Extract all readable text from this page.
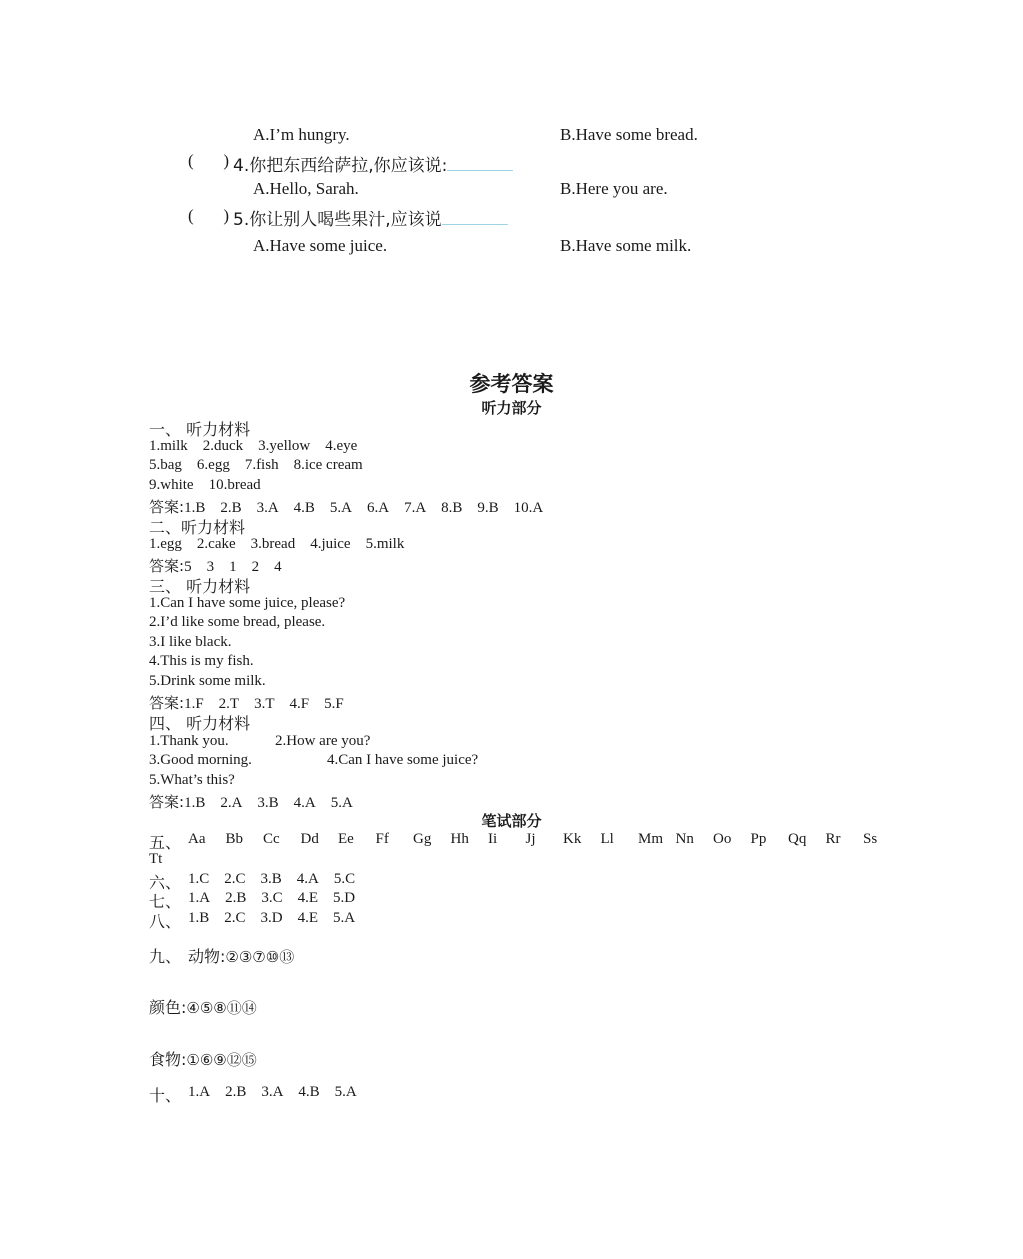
A.I’m hungry.	B.Have some bread.
(       ) 4.你把东西给萨拉,你应该说:
A.Hello, Sarah.	B.Here you are.
(       ) 5.你让别人喝些果汁,应该说
A.Have some juice.	B.Have some milk.
参考答案
听力部分
一、 听力材料
1.milk    2.duck    3.yellow    4.eye
5.bag    6.egg    7.fish    8.ice cream
9.white    10.bread
答案:1.B    2.B    3.A    4.B    5.A    6.A    7.A    8.B    9.B    10.A
二、听力材料
1.egg    2.cake    3.bread    4.juice    5.milk
答案:5    3    1    2    4
三、 听力材料
1.Can I have some juice, please?
2.I’d like some bread, please.
3.I like black.
4.This is my fish.
5.Drink some milk.
答案:1.F    2.T    3.T    4.F    5.F
四、 听力材料
1.Thank you.	2.How are you?
3.Good morning.	4.Can I have some juice?
5.What’s this?
答案:1.B    2.A    3.B    4.A    5.A
笔试部分
五、 Aa Bb Cc Dd Ee Ff Gg Hh Ii Jj Kk Ll Mm Nn Oo Pp Qq Rr Ss
Tt
六、 1.C    2.C    3.B    4.A    5.C
七、 1.A    2.B    3.C    4.E    5.D
八、 1.B    2.C    3.D    4.E    5.A
九、 动物:②③⑦⑩⑬
颜色:④⑤⑧⑪⑭
食物:①⑥⑨⑫⑮
十、 1.A    2.B    3.A    4.B    5.A
